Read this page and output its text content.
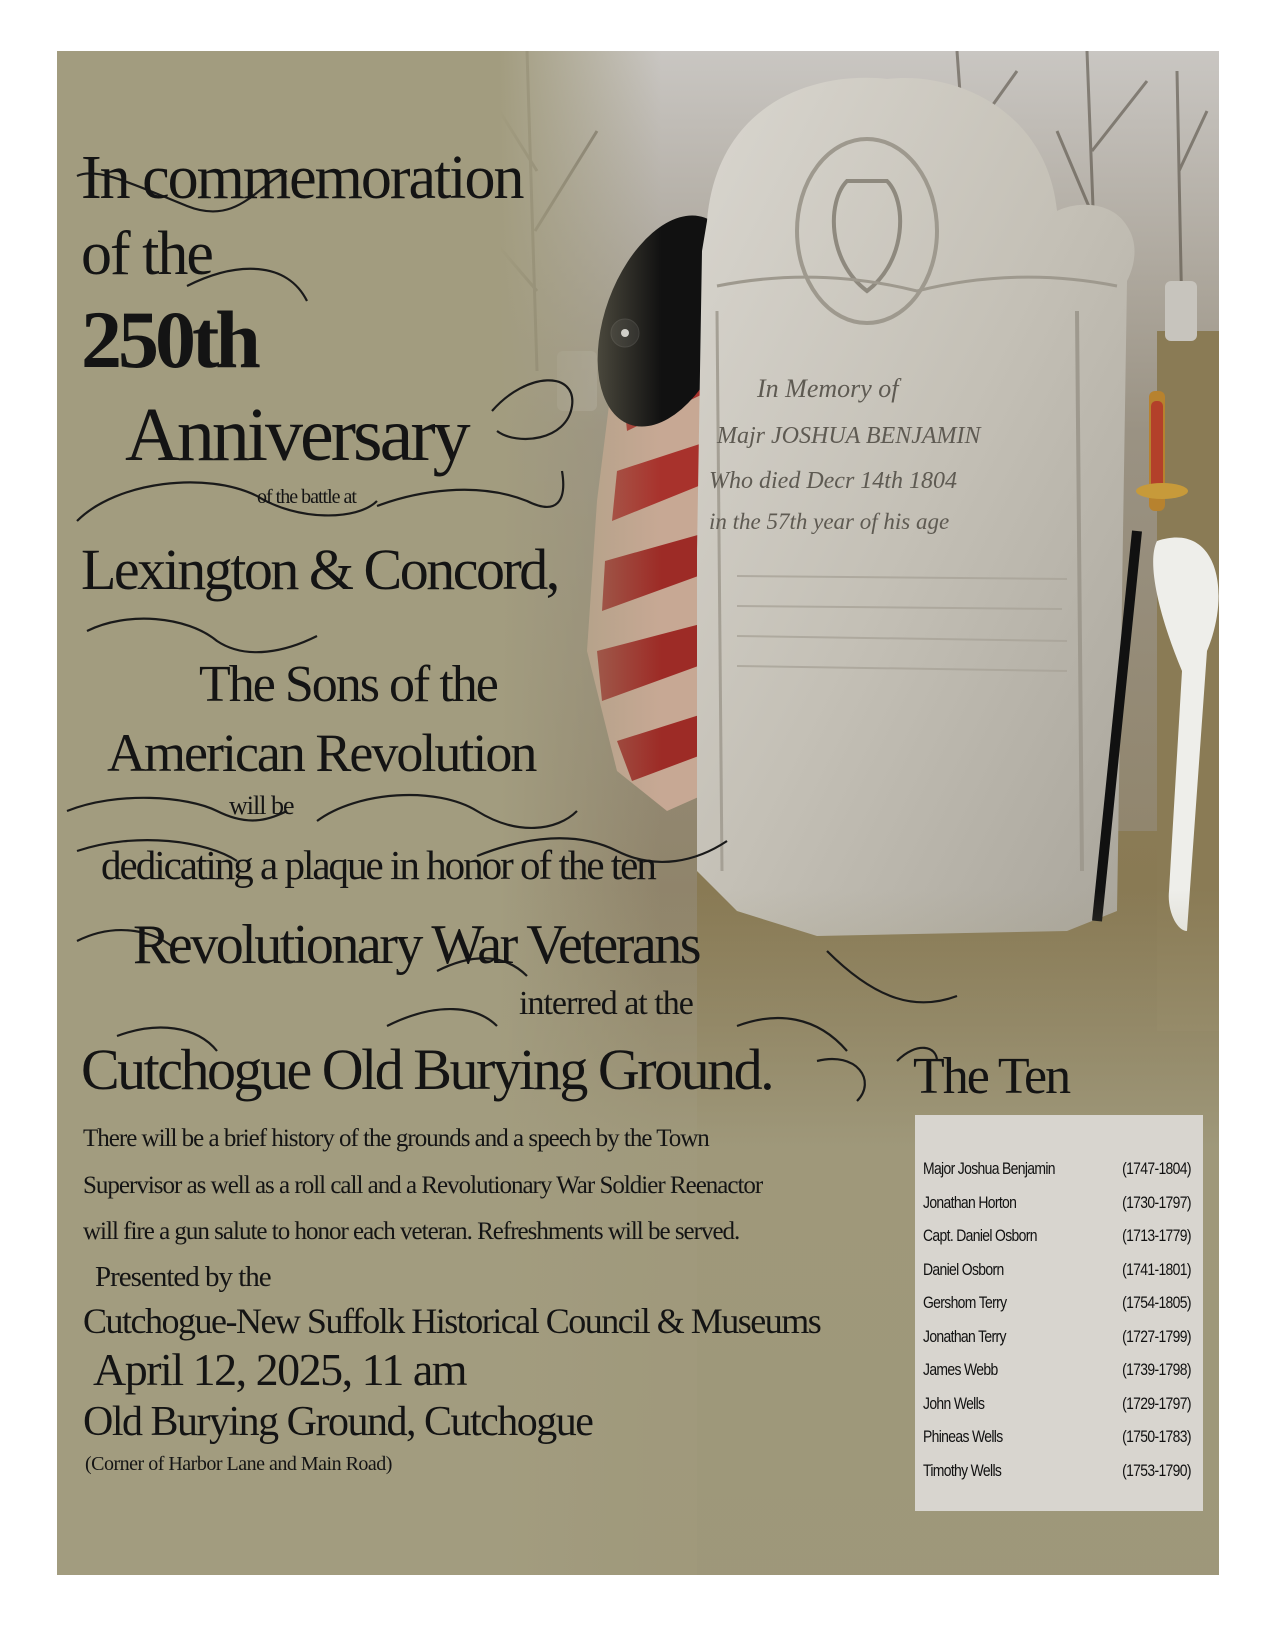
In commemoration
of the
250th
Anniversary
of the battle at
Lexington & Concord,
The Sons of the
American Revolution
will be
dedicating a plaque in honor of the ten
Revolutionary War Veterans
interred at the
Cutchogue Old Burying Ground.
There will be a brief history of the grounds and a speech by the Town
Supervisor as well as a roll call and a Revolutionary War Soldier Reenactor
will fire a gun salute to honor each veteran. Refreshments will be served.
Presented by the
Cutchogue-New Suffolk Historical Council & Museums
April 12, 2025, 11 am
Old Burying Ground, Cutchogue
(Corner of Harbor Lane and Main Road)
The Ten
Major Joshua Benjamin	(1747-1804)
Jonathan Horton	(1730-1797)
Capt. Daniel Osborn	(1713-1779)
Daniel Osborn	(1741-1801)
Gershom Terry	(1754-1805)
Jonathan Terry	(1727-1799)
James Webb	(1739-1798)
John Wells	(1729-1797)
Phineas Wells	(1750-1783)
Timothy Wells	(1753-1790)
